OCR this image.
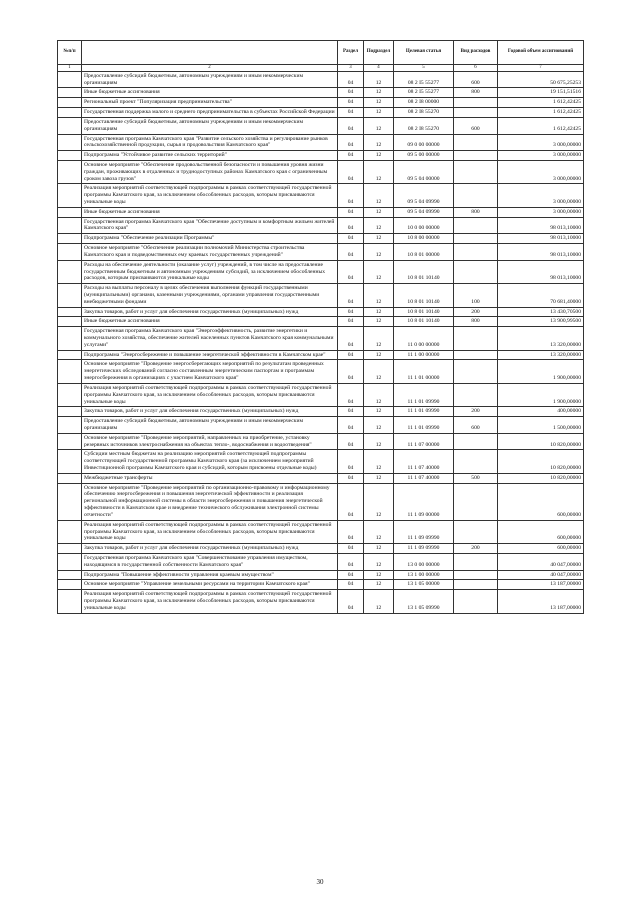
№п/п		Раздел	Подраздел	Целевая статья	Вид расходов	Годовой объем ассигнований
1	2	3	4	5	6	7
	Предоставление субсидий бюджетным, автономным учреждениям и иным некоммерческим организациям	04	12	08 2 I5 55277	600	50 675,25253
	Иные бюджетные ассигнования	04	12	08 2 I5 55277	800	19 151,51516
	Региональный проект "Популяризация предпринимательства"	04	12	08 2 I8 00000		1 612,42425
	Государственная поддержка малого и среднего предпринимательства в субъектах Российской Федерации	04	12	08 2 I8 55270		1 612,42425
	Предоставление субсидий бюджетным, автономным учреждениям и иным некоммерческим организациям	04	12	08 2 I8 55270	600	1 612,42425
	Государственная программа Камчатского края "Развитие сельского хозяйства и регулирование рынков сельскохозяйственной продукции, сырья и продовольствия Камчатского края"	04	12	09 0 00 00000		3 000,00000
	Подпрограмма "Устойчивое развитие сельских территорий"	04	12	09 5 00 00000		3 000,00000
	Основное мероприятие "Обеспечение продовольственной безопасности и повышения уровня жизни граждан, проживающих в отдаленных и труднодоступных районах Камчатского края с ограниченным сроком завоза грузов"	04	12	09 5 04 00000		3 000,00000
	Реализация мероприятий соответствующей подпрограммы в рамках соответствующей государственной программы Камчатского края, за исключением обособленных расходов, которым присваиваются уникальные коды	04	12	09 5 04 09990		3 000,00000
	Иные бюджетные ассигнования	04	12	09 5 04 09990	800	3 000,00000
	Государственная программа Камчатского края "Обеспечение доступным и комфортным жильем жителей Камчатского края"	04	12	10 0 00 00000		98 013,10000
	Подпрограмма "Обеспечение реализации Программы"	04	12	10 8 00 00000		98 013,10000
	Основное мероприятие "Обеспечение реализации полномочий Министерства строительства Камчатского края и подведомственных ему краевых государственных учреждений"	04	12	10 8 01 00000		98 013,10000
	Расходы на обеспечение деятельности (оказание услуг) учреждений, в том числе на предоставление государственным бюджетным и автономным учреждениям субсидий, за исключением обособленных расходов, которым присваиваются уникальные коды	04	12	10 8 01 10140		98 013,10000
	Расходы на выплаты персоналу в целях обеспечения выполнения функций государственными (муниципальными) органами, казенными учреждениями, органами управления государственными внебюджетными фондами	04	12	10 8 01 10140	100	70 681,40000
	Закупка товаров, работ и услуг для обеспечения государственных (муниципальных) нужд	04	12	10 8 01 10140	200	13 430,70500
	Иные бюджетные ассигнования	04	12	10 8 01 10140	800	13 900,99500
	Государственная программа Камчатского края "Энергоэффективность, развитие энергетики и коммунального хозяйства, обеспечение жителей населенных пунктов Камчатского края коммунальными услугами"	04	12	11 0 00 00000		13 320,00000
	Подпрограмма "Энергосбережение и повышение энергетической эффективности в Камчатском крае"	04	12	11 1 00 00000		13 320,00000
	Основное мероприятие "Проведение энергосберегающих мероприятий по результатам проведенных энергетических обследований согласно составленным энергетическим паспортам и программам энергосбережения в организациях с участием Камчатского края"	04	12	11 1 01 00000		1 900,00000
	Реализация мероприятий соответствующей подпрограммы в рамках соответствующей государственной программы Камчатского края, за исключением обособленных расходов, которым присваиваются уникальные коды	04	12	11 1 01 09990		1 900,00000
	Закупка товаров, работ и услуг для обеспечения государственных (муниципальных) нужд	04	12	11 1 01 09990	200	400,00000
	Предоставление субсидий бюджетным, автономным учреждениям и иным некоммерческим организациям	04	12	11 1 01 09990	600	1 500,00000
	Основное мероприятие "Проведение мероприятий, направленных на приобретение, установку резервных источников электроснабжения на объектах тепло-, водоснабжения и водоотведения"	04	12	11 1 07 00000		10 820,00000
	Субсидии местным бюджетам на реализацию мероприятий соответствующей подпрограммы соответствующей государственной программы Камчатского края (за исключением мероприятий Инвестиционной программы Камчатского края и субсидий, которым присвоены отдельные коды)	04	12	11 1 07 40000		10 820,00000
	Межбюджетные трансферты	04	12	11 1 07 40000	500	10 820,00000
	Основное мероприятие "Проведение мероприятий по организационно-правовому и информационному обеспечению энергосбережения и повышения энергетической эффективности и реализация региональной информационной системы в области энергосбережения и повышения энергетической эффективности в Камчатском крае и внедрение технического обслуживания электронной системы отчетности"	04	12	11 1 09 00000		600,00000
	Реализация мероприятий соответствующей подпрограммы в рамках соответствующей государственной программы Камчатского края, за исключением обособленных расходов, которым присваиваются уникальные коды	04	12	11 1 09 09990		600,00000
	Закупка товаров, работ и услуг для обеспечения государственных (муниципальных) нужд	04	12	11 1 09 09990	200	600,00000
	Государственная программа Камчатского края "Совершенствование управления имуществом, находящимся в государственной собственности Камчатского края"	04	12	13 0 00 00000		40 047,00000
	Подпрограмма "Повышение эффективности управления краевым имуществом"	04	12	13 1 00 00000		40 047,00000
	Основное мероприятие "Управление земельными ресурсами на территории Камчатского края"	04	12	13 1 05 00000		13 187,00000
	Реализация мероприятий соответствующей подпрограммы в рамках соответствующей государственной программы Камчатского края, за исключением обособленных расходов, которым присваиваются уникальные коды	04	12	13 1 05 09990		13 187,00000
30
